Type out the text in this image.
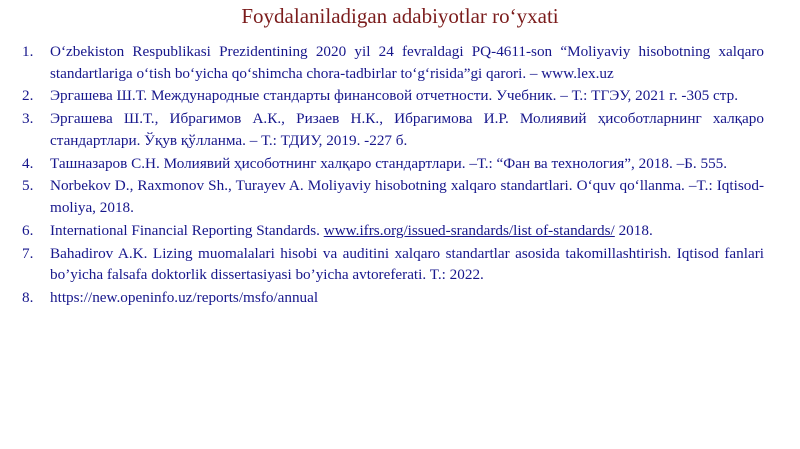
Foydalaniladigan adabiyotlar ro‘yxati
1.	O‘zbekiston Respublikasi Prezidentining 2020 yil 24 fevraldagi PQ-4611-son “Moliyaviy hisobotning xalqaro standartlariga o‘tish bo‘yicha qo‘shimcha chora-tadbirlar to‘g‘risida”gi qarori. – www.lex.uz
2.	Эргашева Ш.Т. Международные стандарты финансовой отчетности. Учебник. – Т.: ТГЭУ, 2021 г. -305 стр.
3.	Эргашева Ш.Т., Ибрагимов А.К., Ризаев Н.К., Ибрагимова И.Р. Молиявий ҳисоботларнинг халқаро стандартлари. Ўқув қўлланма. – Т.: ТДИУ, 2019. -227 б.
4.	Ташназаров С.Н. Молиявий ҳисоботнинг халқаро стандартлари. –Т.: “Фан ва технология”, 2018. –Б. 555.
5.	Norbekov D., Raxmonov Sh., Turayev A. Moliyaviy hisobotning xalqaro standartlari. O‘quv qo‘llanma. –T.: Iqtisod-moliya, 2018.
6.	International Financial Reporting Standards. www.ifrs.org/issued-srandards/list of-standards/ 2018.
7.	Bahadirov A.K. Lizing muomalalari hisobi va auditini xalqaro standartlar asosida takomillashtirish. Iqtisod fanlari bo’yicha falsafa doktorlik dissertasiyasi bo’yicha avtoreferati. T.: 2022.
8.	https://new.openinfo.uz/reports/msfo/annual
